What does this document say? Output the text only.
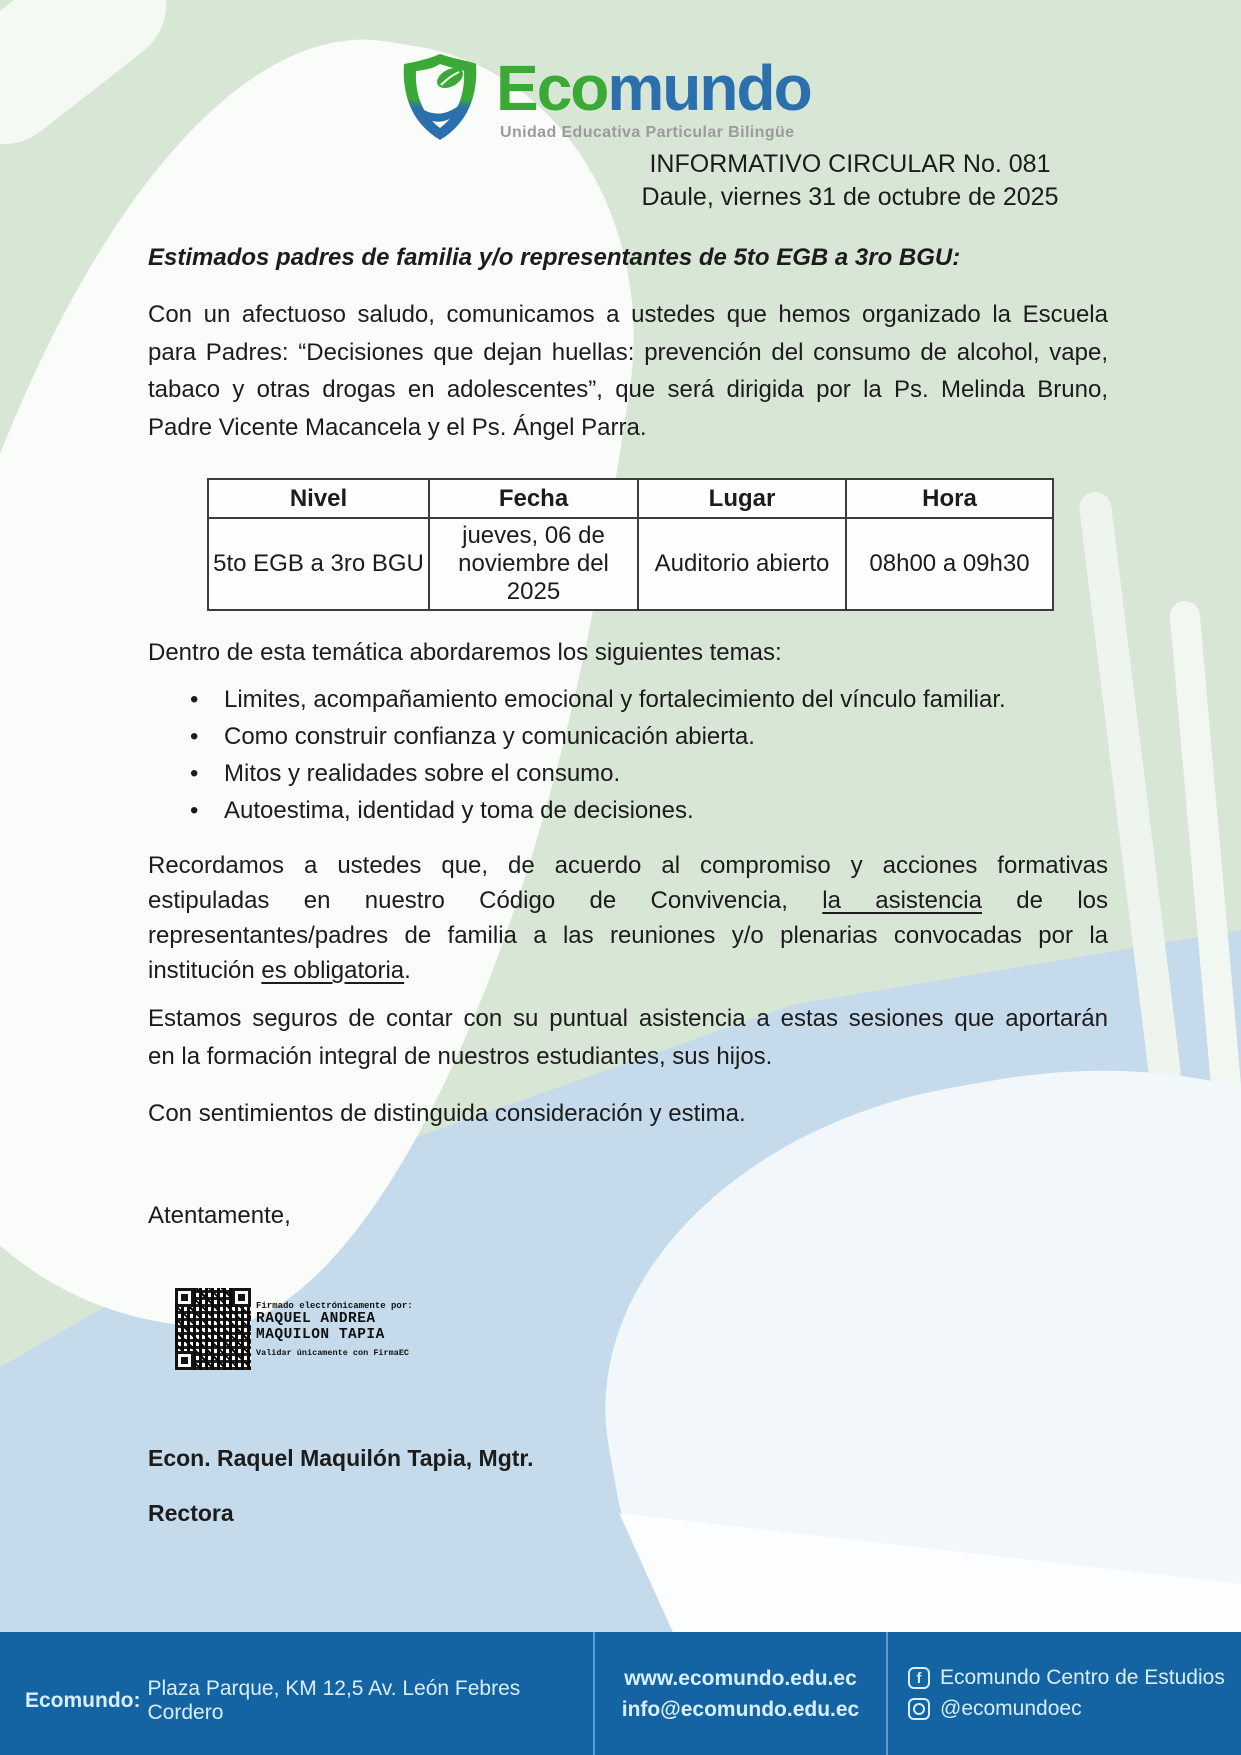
Ecomundo
Unidad Educativa Particular Bilingüe
INFORMATIVO CIRCULAR No. 081
Daule, viernes 31 de octubre de 2025

Estimados padres de familia y/o representantes de 5to EGB a 3ro BGU:

Con un afectuoso saludo, comunicamos a ustedes que hemos organizado la Escuela
para Padres: “Decisiones que dejan huellas: prevención del consumo de alcohol, vape,
tabaco y otras drogas en adolescentes”, que será dirigida por la Ps. Melinda Bruno,
Padre Vicente Macancela y el Ps. Ángel Parra.
Nivel	Fecha	Lugar	Hora
5to EGB a 3ro BGU	jueves, 06 de noviembre del 2025	Auditorio abierto	08h00 a 09h30
Dentro de esta temática abordaremos los siguientes temas:
• Limites, acompañamiento emocional y fortalecimiento del vínculo familiar.
• Como construir confianza y comunicación abierta.
• Mitos y realidades sobre el consumo.
• Autoestima, identidad y toma de decisiones.
Recordamos a ustedes que, de acuerdo al compromiso y acciones formativas
estipuladas en nuestro Código de Convivencia, la asistencia de los
representantes/padres de familia a las reuniones y/o plenarias convocadas por la
institución es obligatoria.
Estamos seguros de contar con su puntual asistencia a estas sesiones que aportarán
en la formación integral de nuestros estudiantes, sus hijos.

Con sentimientos de distinguida consideración y estima.

Atentamente,

Firmado electrónicamente por:
RAQUEL ANDREA
MAQUILON TAPIA
Validar únicamente con FirmaEC
Econ. Raquel Maquilón Tapia, Mgtr.
Rectora
Ecomundo:
Plaza Parque, KM 12,5 Av. León Febres Cordero
www.ecomundo.edu.ec
info@ecomundo.edu.ec
f Ecomundo Centro de Estudios
@ecomundoec
